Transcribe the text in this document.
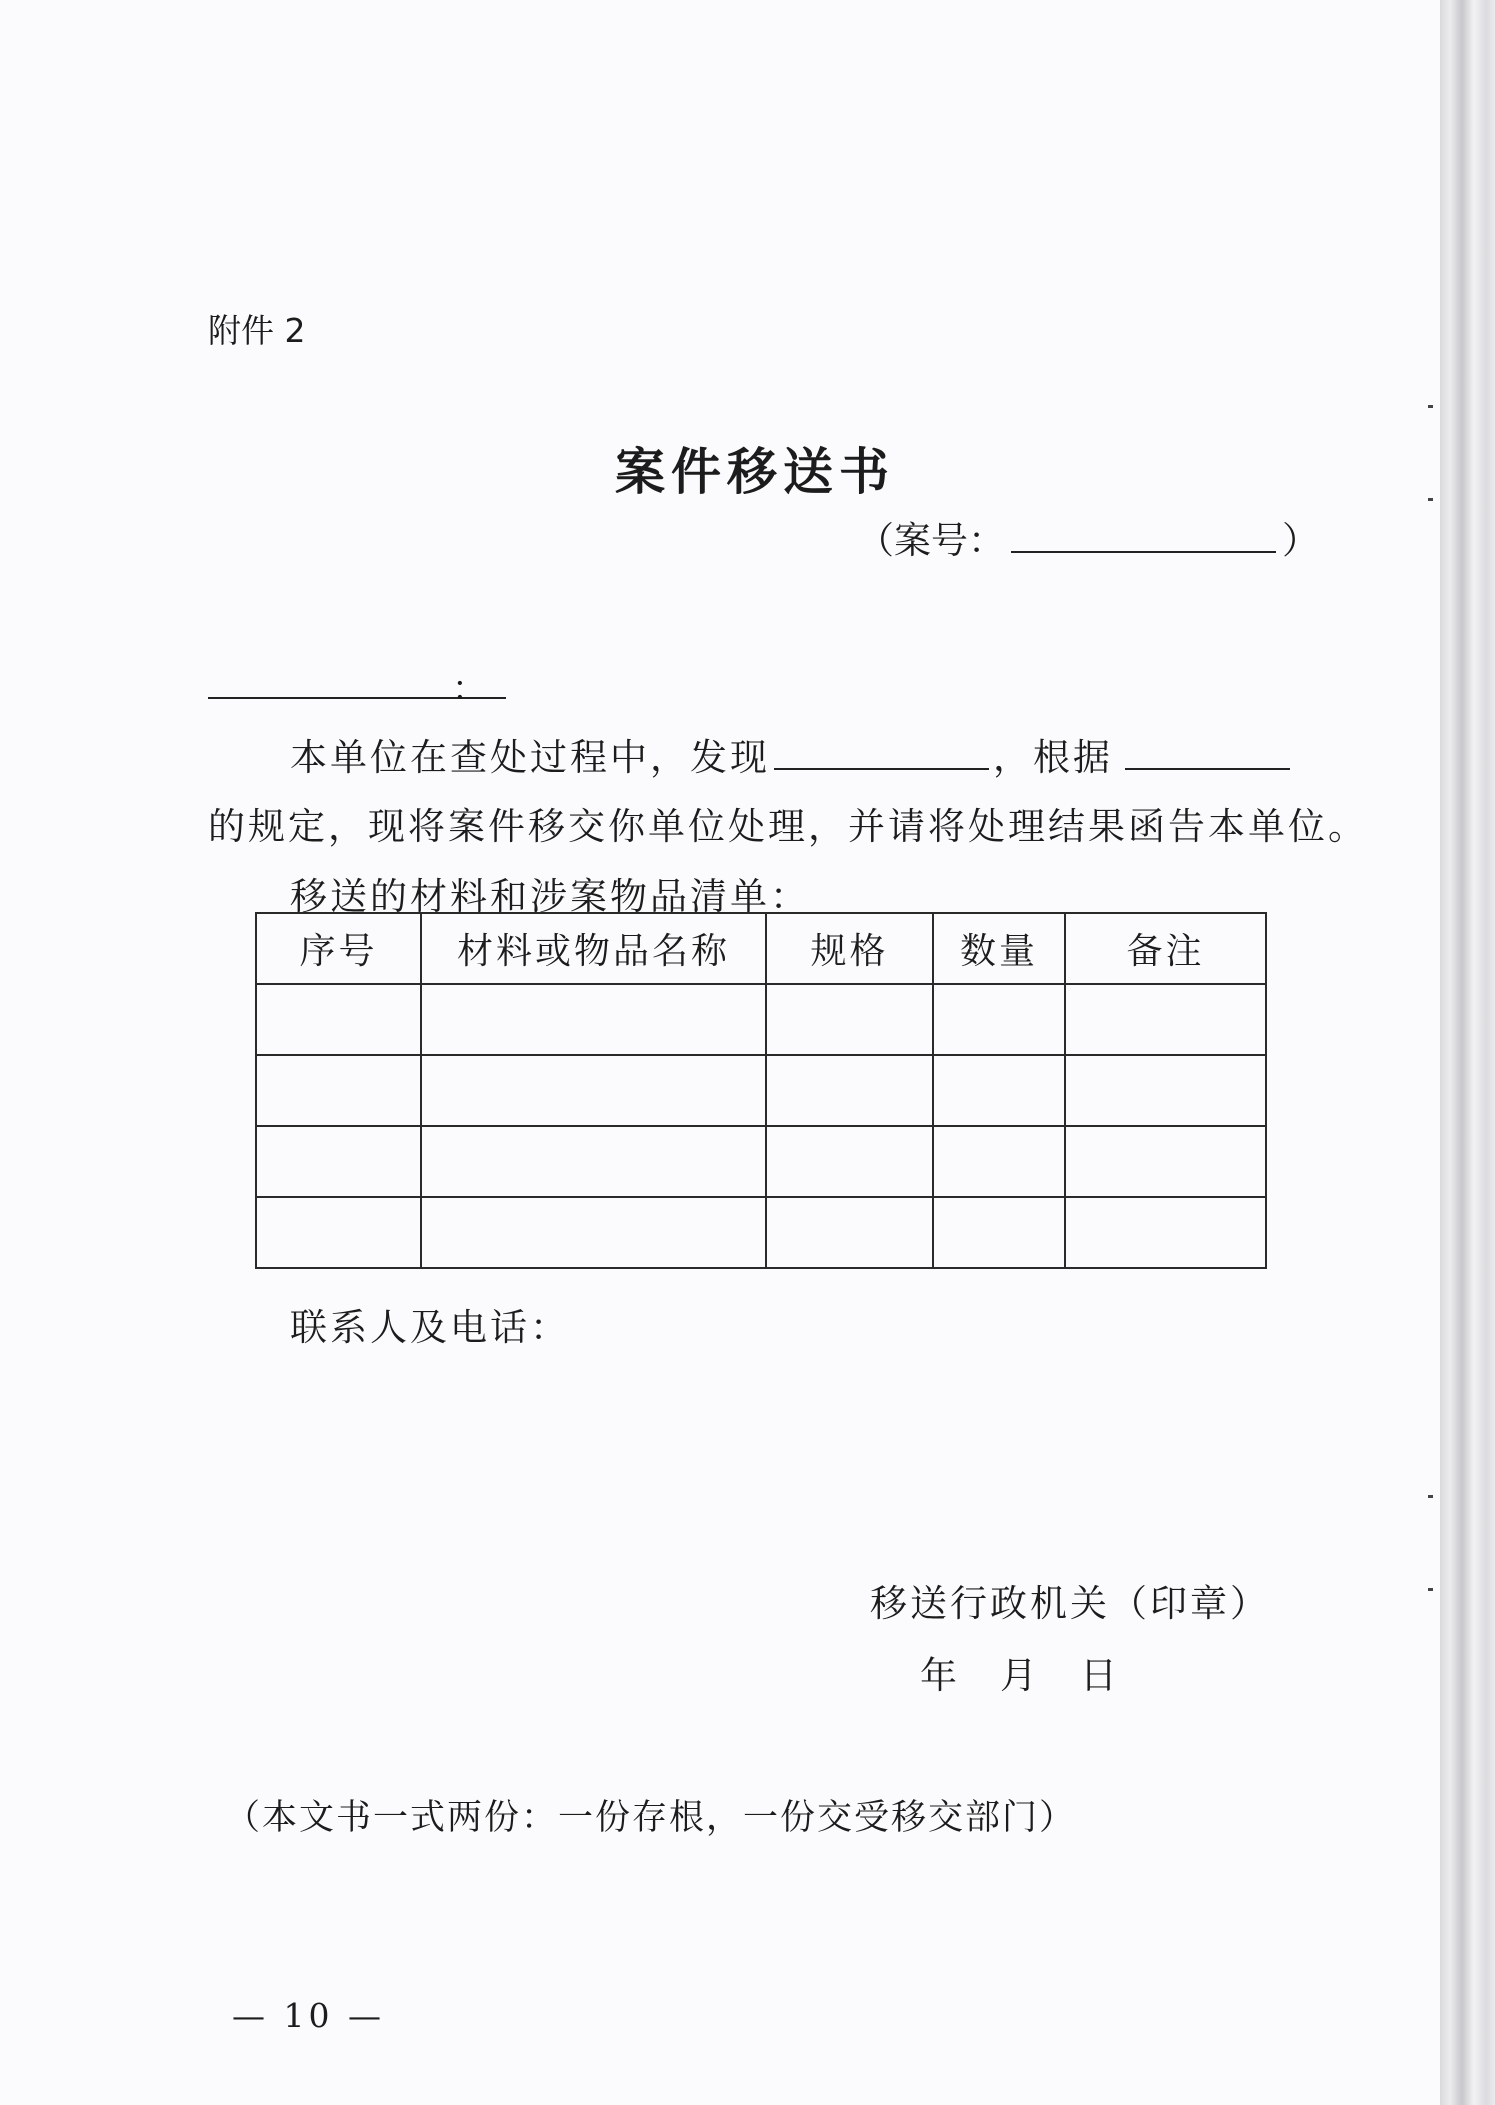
附件 2
案件移送书
（案号：	）
：
本单位在查处过程中，发现	，根据
的规定，现将案件移交你单位处理，并请将处理结果函告本单位。
移送的材料和涉案物品清单：
序号	材料或物品名称	规格	数量	备注

联系人及电话：
移送行政机关（印章）
年 月 日
（本文书一式两份：一份存根，一份交受移交部门）
— 10 —
